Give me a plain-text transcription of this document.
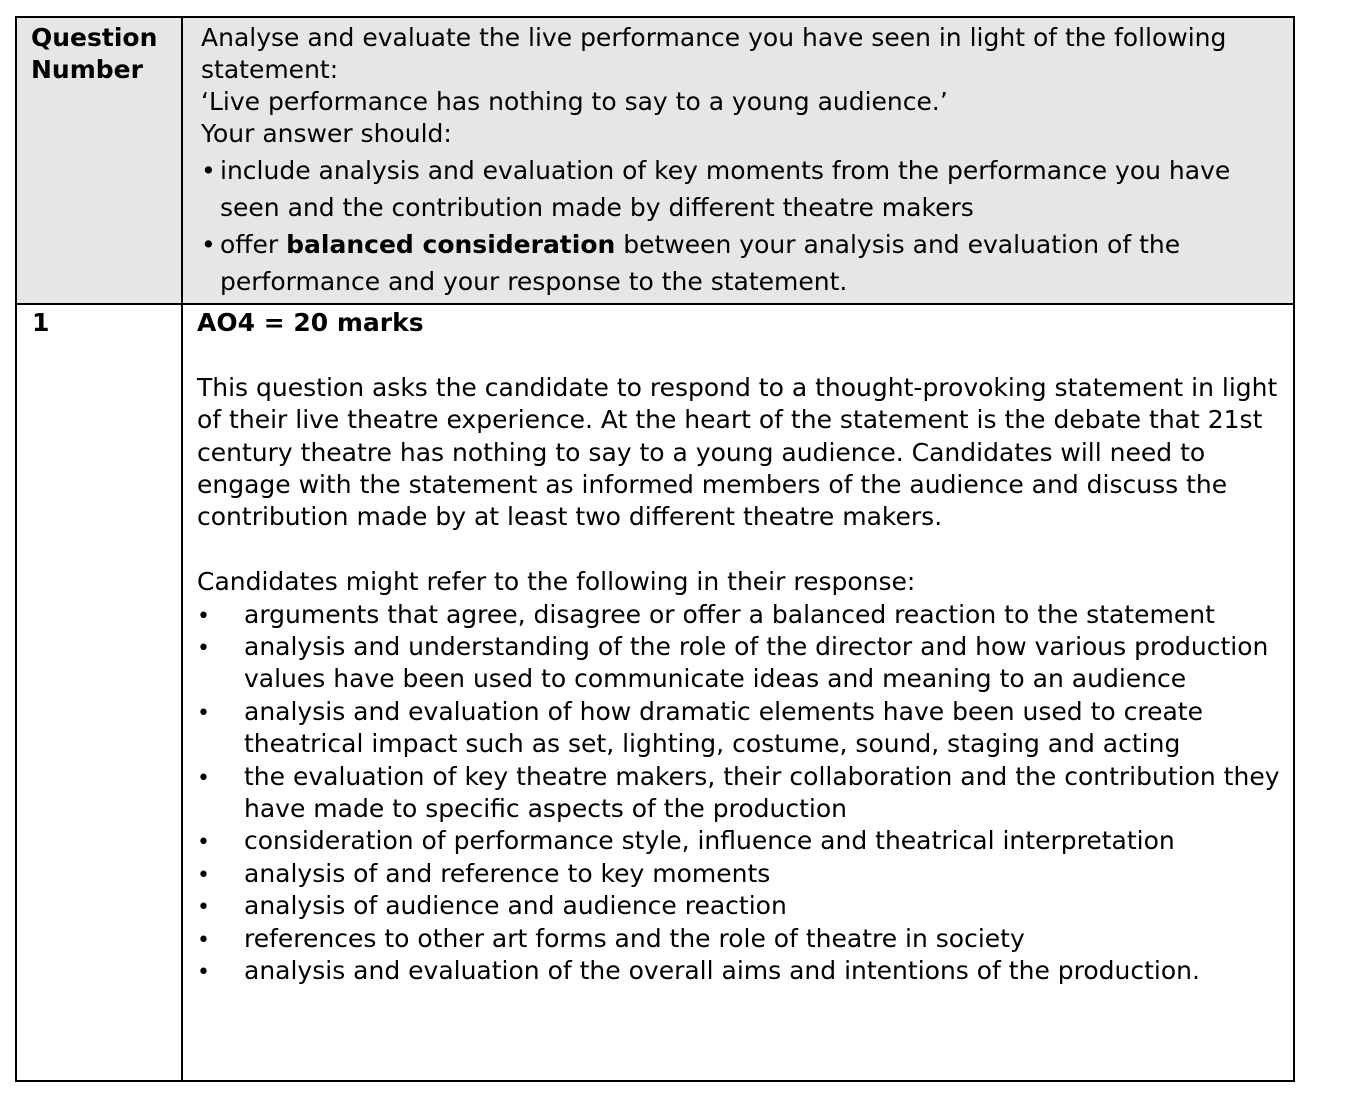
Question Number

Analyse and evaluate the live performance you have seen in light of the following statement:

‘Live performance has nothing to say to a young audience.’

Your answer should:

• include analysis and evaluation of key moments from the performance you have seen and the contribution made by different theatre makers
• offer balanced consideration between your analysis and evaluation of the performance and your response to the statement.
1	AO4 = 20 marks

This question asks the candidate to respond to a thought-provoking statement in light of their live theatre experience. At the heart of the statement is the debate that 21st century theatre has nothing to say to a young audience. Candidates will need to engage with the statement as informed members of the audience and discuss the contribution made by at least two different theatre makers.

Candidates might refer to the following in their response:

• arguments that agree, disagree or offer a balanced reaction to the statement
• analysis and understanding of the role of the director and how various production values have been used to communicate ideas and meaning to an audience
• analysis and evaluation of how dramatic elements have been used to create theatrical impact such as set, lighting, costume, sound, staging and acting
• the evaluation of key theatre makers, their collaboration and the contribution they have made to specific aspects of the production
• consideration of performance style, influence and theatrical interpretation
• analysis of and reference to key moments
• analysis of audience and audience reaction
• references to other art forms and the role of theatre in society
• analysis and evaluation of the overall aims and intentions of the production.
